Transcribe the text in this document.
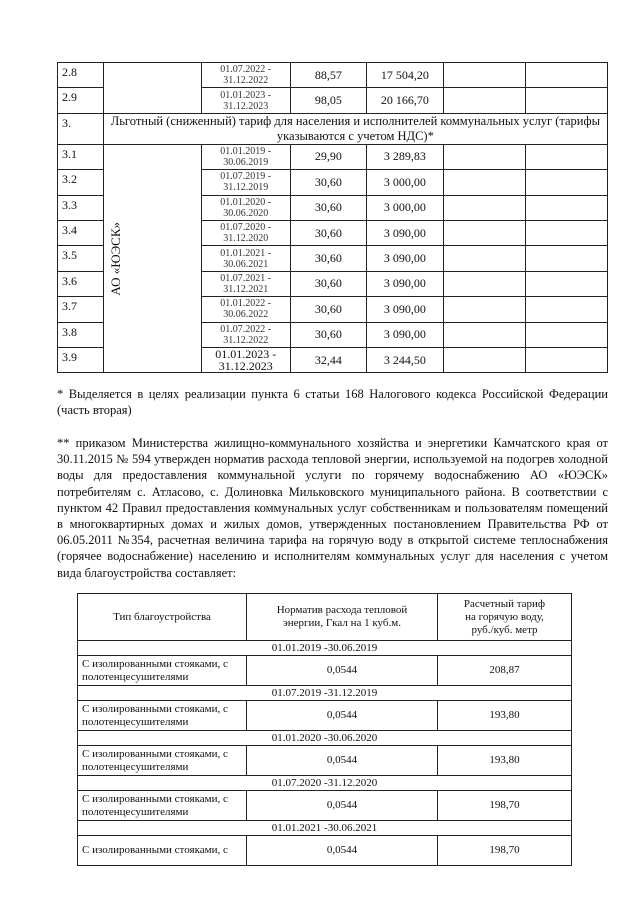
2.8		01.07.2022 - 31.12.2022	88,57	17 504,20		
2.9		01.01.2023 - 31.12.2023	98,05	20 166,70		
3.	Льготный (сниженный) тариф для населения и исполнителей коммунальных услуг (тарифы указываются с учетом НДС)*					
3.1	АО «ЮЭСК»	01.01.2019 - 30.06.2019	29,90	3 289,83		
3.2		01.07.2019 - 31.12.2019	30,60	3 000,00		
3.3		01.01.2020 - 30.06.2020	30,60	3 000,00		
3.4		01.07.2020 - 31.12.2020	30,60	3 090,00		
3.5		01.01.2021 - 30.06.2021	30,60	3 090,00		
3.6		01.07.2021 - 31.12.2021	30,60	3 090,00		
3.7		01.01.2022 - 30.06.2022	30,60	3 090,00		
3.8		01.07.2022 - 31.12.2022	30,60	3 090,00		
3.9		01.01.2023 - 31.12.2023	32,44	3 244,50		
* Выделяется в целях реализации пункта 6 статьи 168 Налогового кодекса Российской Федерации (часть вторая)
** приказом Министерства жилищно-коммунального хозяйства и энергетики Камчатского края от 30.11.2015 № 594 утвержден норматив расхода тепловой энергии, используемой на подогрев холодной воды для предоставления коммунальной услуги по горячему водоснабжению АО «ЮЭСК» потребителям с. Атласово, с. Долиновка Мильковского муниципального района. В соответствии с пунктом 42 Правил предоставления коммунальных услуг собственникам и пользователям помещений в многоквартирных домах и жилых домов, утвержденных постановлением Правительства РФ от 06.05.2011 №354, расчетная величина тарифа на горячую воду в открытой системе теплоснабжения (горячее водоснабжение) населению и исполнителям коммунальных услуг для населения с учетом вида благоустройства составляет:
Тип благоустройства	Норматив расхода тепловой энергии, Гкал на 1 куб.м.	Расчетный тариф на горячую воду, руб./куб. метр
01.01.2019 -30.06.2019		
С изолированными стояками, с полотенцесушителями	0,0544	208,87
01.07.2019 -31.12.2019		
С изолированными стояками, с полотенцесушителями	0,0544	193,80
01.01.2020 -30.06.2020		
С изолированными стояками, с полотенцесушителями	0,0544	193,80
01.07.2020 -31.12.2020		
С изолированными стояками, с полотенцесушителями	0,0544	198,70
01.01.2021 -30.06.2021		
С изолированными стояками, с	0,0544	198,70
